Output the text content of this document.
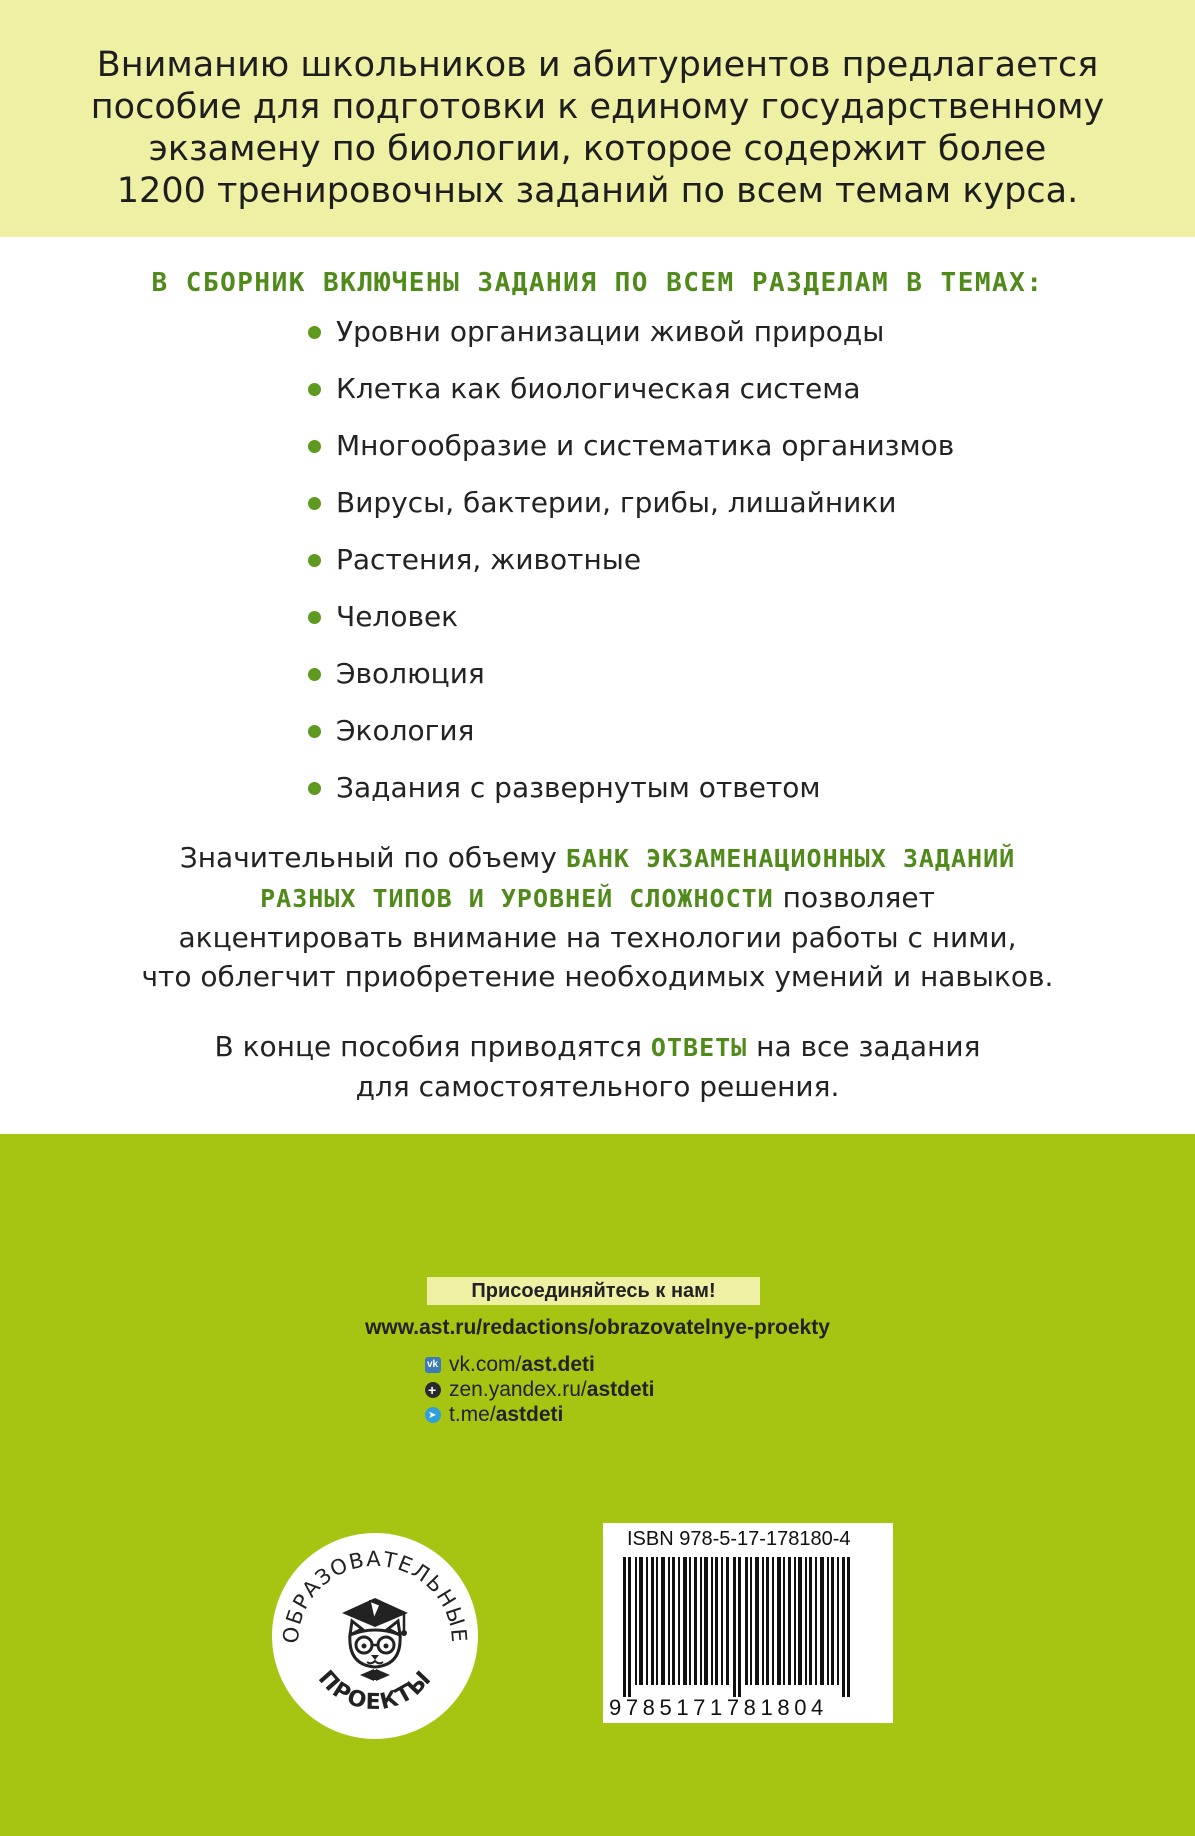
Вниманию школьников и абитуриентов предлагается
пособие для подготовки к единому государственному
экзамену по биологии, которое содержит более
1200 тренировочных заданий по всем темам курса.
В СБОРНИК ВКЛЮЧЕНЫ ЗАДАНИЯ ПО ВСЕМ РАЗДЕЛАМ В ТЕМАХ:
Уровни организации живой природы
Клетка как биологическая система
Многообразие и систематика организмов
Вирусы, бактерии, грибы, лишайники
Растения, животные
Человек
Эволюция
Экология
Задания с развернутым ответом
Значительный по объему БАНК ЭКЗАМЕНАЦИОННЫХ ЗАДАНИЙ
РАЗНЫХ ТИПОВ И УРОВНЕЙ СЛОЖНОСТИ позволяет
акцентировать внимание на технологии работы с ними,
что облегчит приобретение необходимых умений и навыков.
В конце пособия приводятся ОТВЕТЫ на все задания
для самостоятельного решения.
Присоединяйтесь к нам!
www.ast.ru/redactions/obrazovatelnye-proekty
vk
vk.com/ ast.deti
+
zen.yandex.ru/ astdeti
➤
t.me/ astdeti
ОБРАЗОВАТЕЛЬНЫЕ
ПРОЕКТЫ
ISBN 978-5-17-178180-4
9785171781804
